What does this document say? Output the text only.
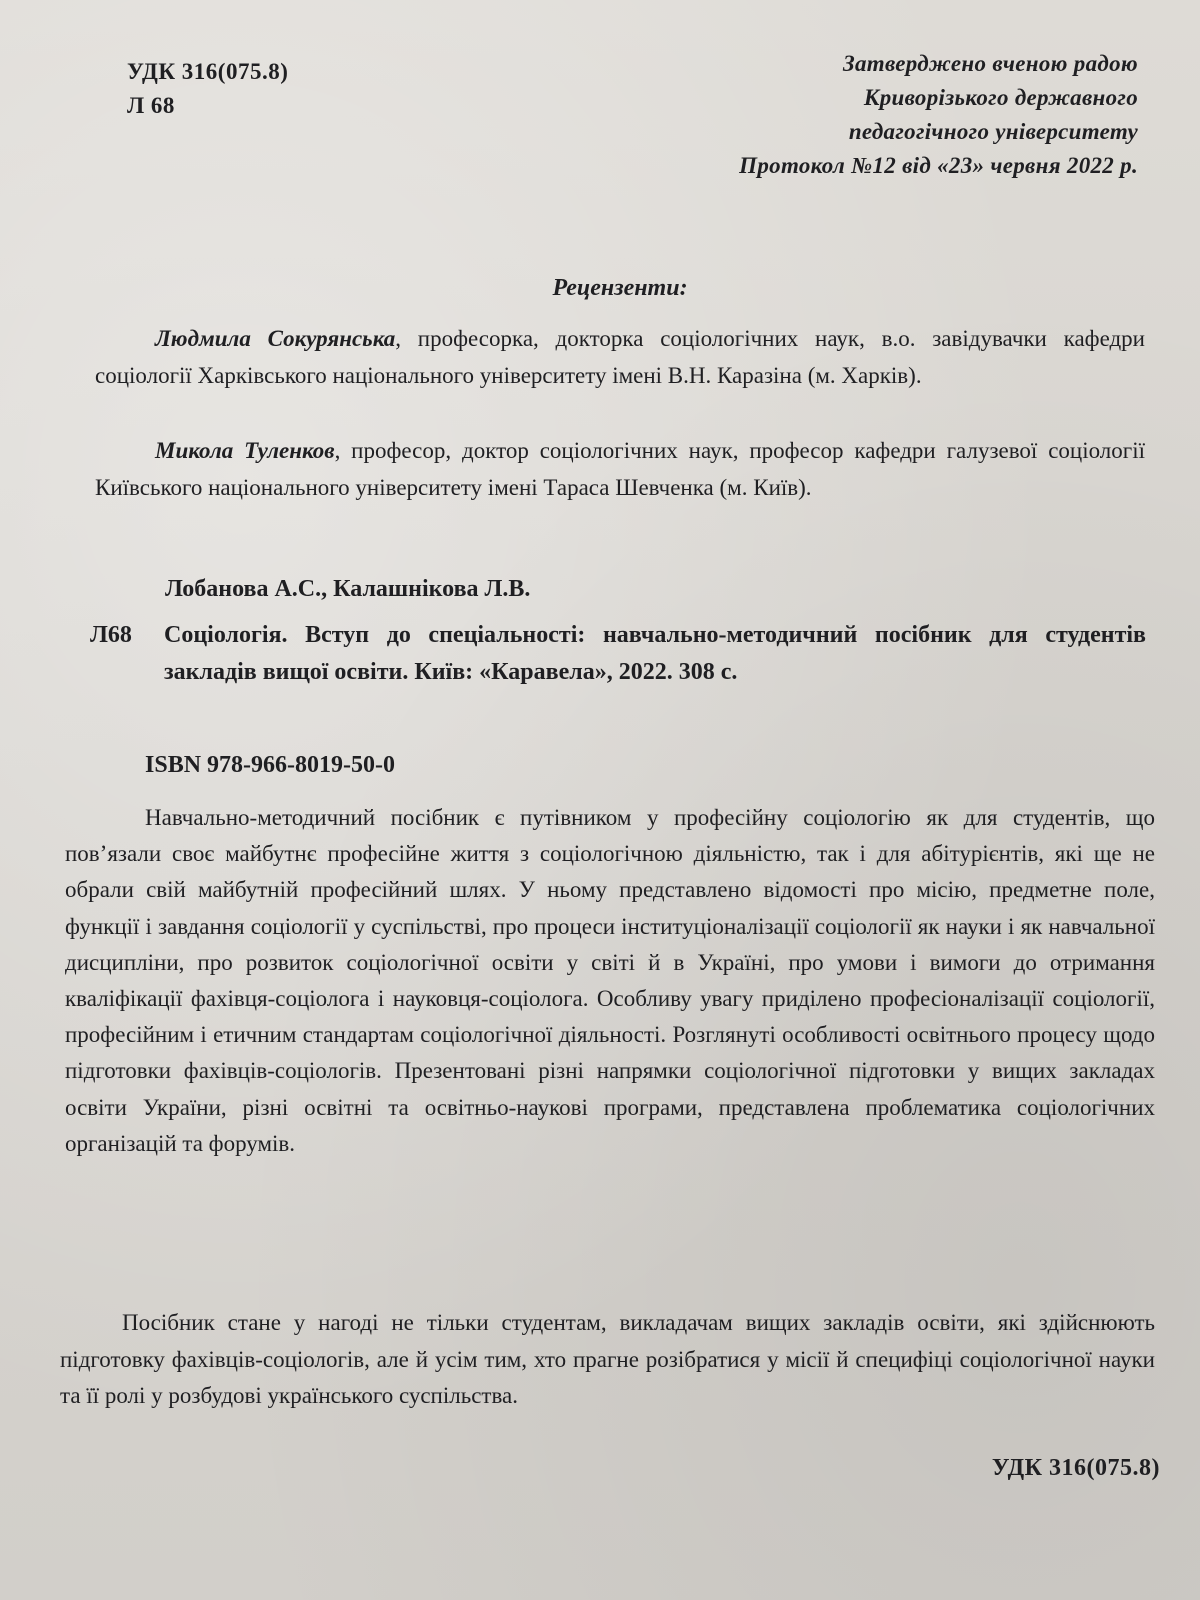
УДК 316(075.8)
Л 68
Затверджено вченою радою
Криворізького державного
педагогічного університету
Протокол №12 від «23» червня 2022 р.
Рецензенти:
Людмила Сокурянська, професорка, докторка соціологічних наук, в.о. завідувачки кафедри соціології Харківського національного університету імені В.Н. Каразіна (м. Харків).
Микола Туленков, професор, доктор соціологічних наук, професор кафедри галузевої соціології Київського національного університету імені Тараса Шевченка (м. Київ).
Лобанова А.С., Калашнікова Л.В.
Л68 Соціологія. Вступ до спеціальності: навчально-методичний посібник для студентів закладів вищої освіти. Київ: «Каравела», 2022. 308 с.
ISBN 978-966-8019-50-0
Навчально-методичний посібник є путівником у професійну соціологію як для студентів, що пов’язали своє майбутнє професійне життя з соціологічною діяльністю, так і для абітурієнтів, які ще не обрали свій майбутній професійний шлях. У ньому представлено відомості про місію, предметне поле, функції і завдання соціології у суспільстві, про процеси інституціоналізації соціології як науки і як навчальної дисципліни, про розвиток соціологічної освіти у світі й в Україні, про умови і вимоги до отримання кваліфікації фахівця-соціолога і науковця-соціолога. Особливу увагу приділено професіоналізації соціології, професійним і етичним стандартам соціологічної діяльності. Розглянуті особливості освітнього процесу щодо підготовки фахівців-соціологів. Презентовані різні напрямки соціологічної підготовки у вищих закладах освіти України, різні освітні та освітньо-наукові програми, представлена проблематика соціологічних організацій та форумів.
Посібник стане у нагоді не тільки студентам, викладачам вищих закладів освіти, які здійснюють підготовку фахівців-соціологів, але й усім тим, хто прагне розібратися у місії й специфіці соціологічної науки та її ролі у розбудові українського суспільства.
УДК 316(075.8)
